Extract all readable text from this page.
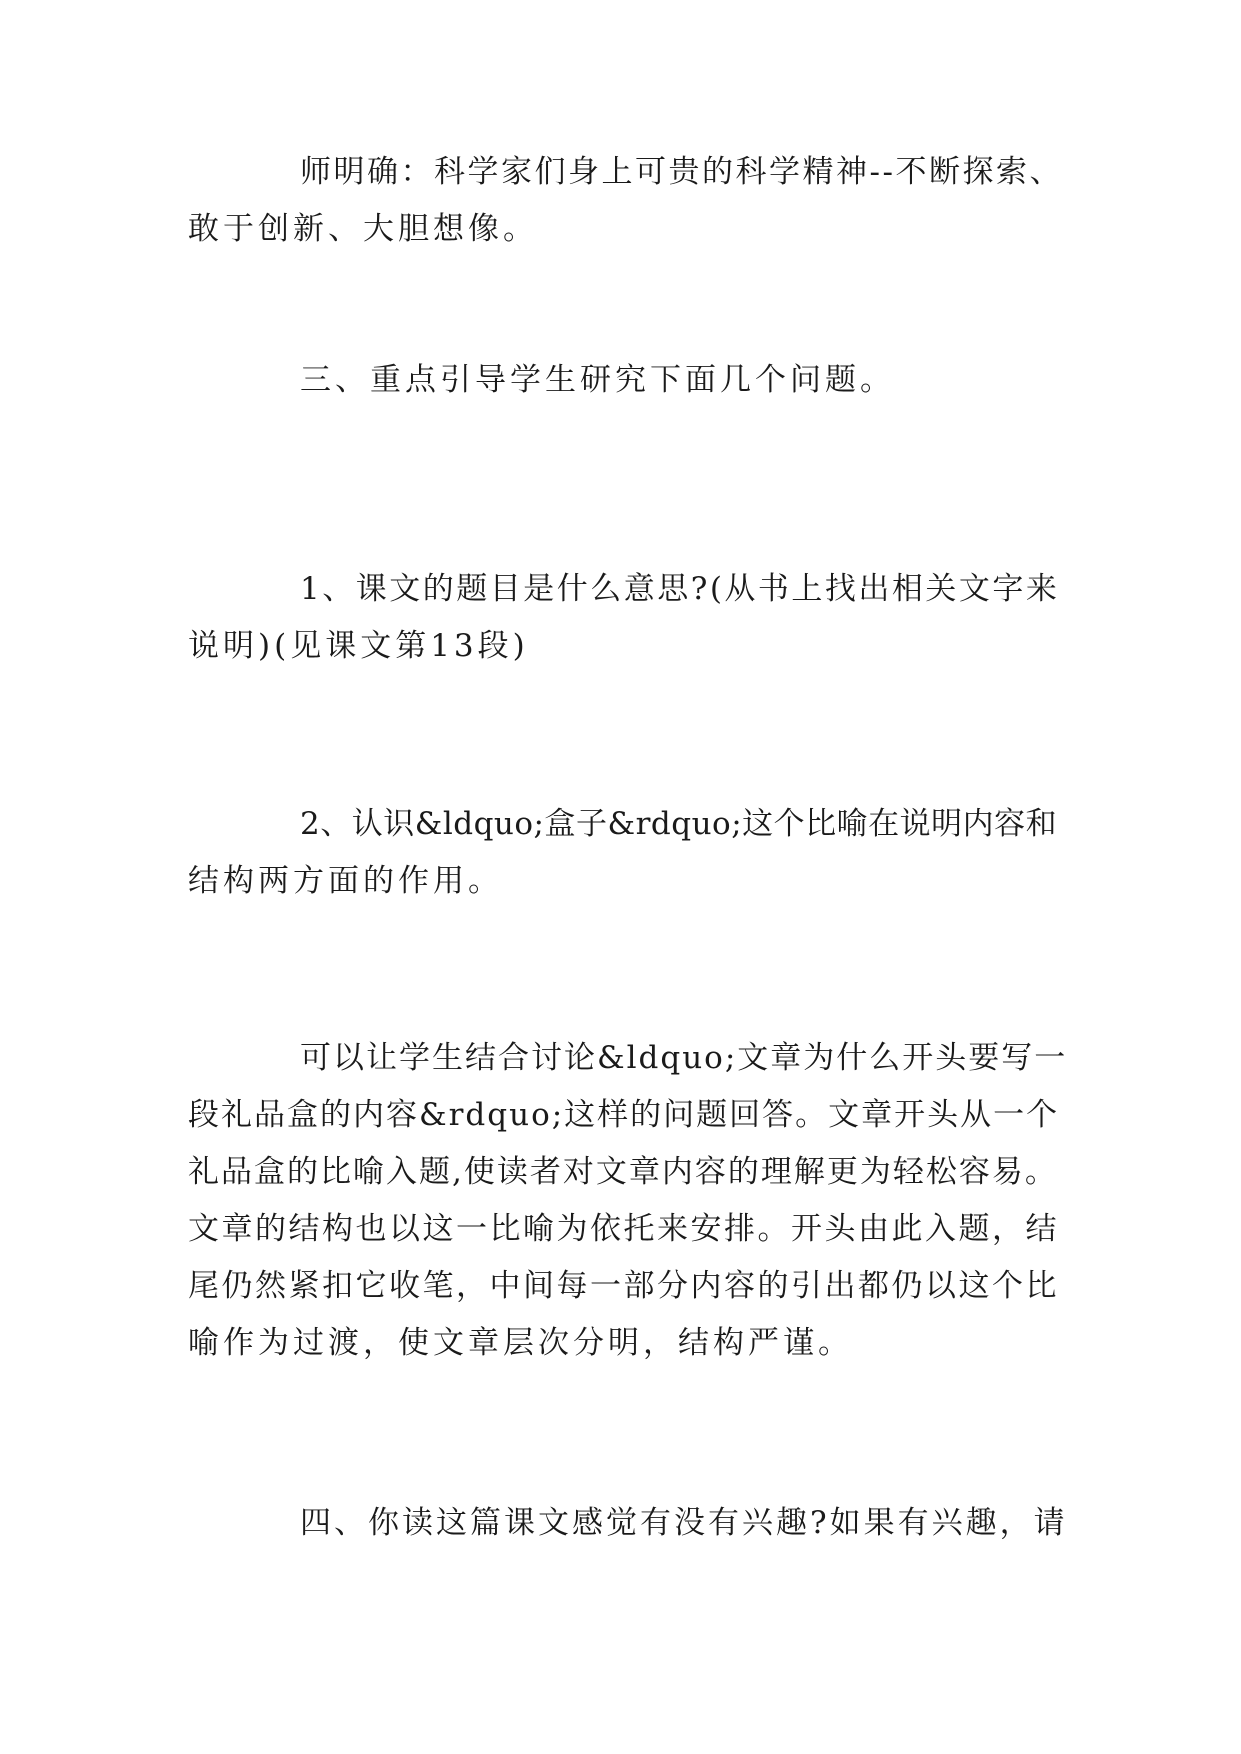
师明确：科学家们身上可贵的科学精神--不断探索、
敢于创新、大胆想像。

三、重点引导学生研究下面几个问题。

1、课文的题目是什么意思?(从书上找出相关文字来
说明)(见课文第13段)

2、认识&ldquo;盒子&rdquo;这个比喻在说明内容和
结构两方面的作用。

可以让学生结合讨论&ldquo;文章为什么开头要写一
段礼品盒的内容&rdquo;这样的问题回答。文章开头从一个
礼品盒的比喻入题,使读者对文章内容的理解更为轻松容易。
文章的结构也以这一比喻为依托来安排。开头由此入题，结
尾仍然紧扣它收笔，中间每一部分内容的引出都仍以这个比
喻作为过渡，使文章层次分明，结构严谨。

四、你读这篇课文感觉有没有兴趣?如果有兴趣，请
